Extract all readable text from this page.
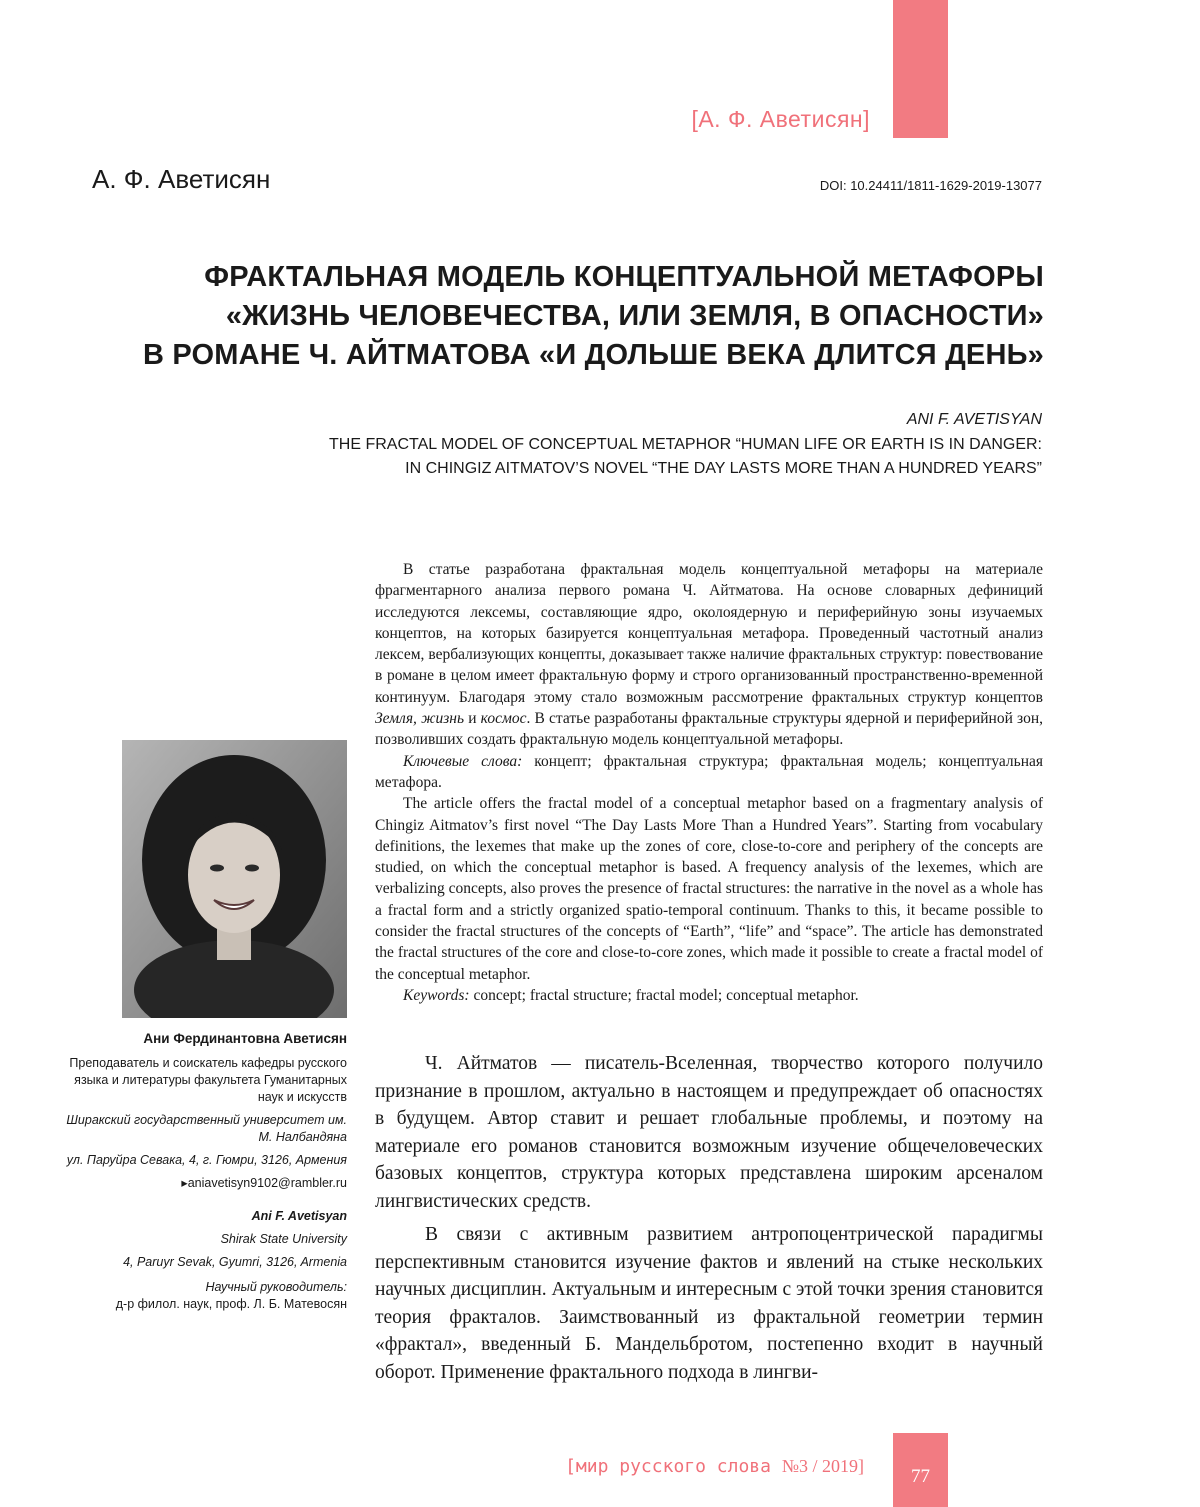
77
[А. Ф. Аветисян]
А. Ф. Аветисян	DOI: 10.24411/1811-1629-2019-13077
ФРАКТАЛЬНАЯ МОДЕЛЬ КОНЦЕПТУАЛЬНОЙ МЕТАФОРЫ
«ЖИЗНЬ ЧЕЛОВЕЧЕСТВА, ИЛИ ЗЕМЛЯ, В ОПАСНОСТИ»
В РОМАНЕ Ч. АЙТМАТОВА «И ДОЛЬШЕ ВЕКА ДЛИТСЯ ДЕНЬ»
ANI F. AVETISYAN
THE FRACTAL MODEL OF CONCEPTUAL METAPHOR “HUMAN LIFE OR EARTH IS IN DANGER:
IN CHINGIZ AITMATOV’S NOVEL “THE DAY LASTS MORE THAN A HUNDRED YEARS”

В статье разработана фрактальная модель концептуальной метафоры на материале фрагментарного анализа первого романа Ч. Айтматова. На основе словарных дефиниций исследуются лексемы, составляющие ядро, околоядерную и периферийную зоны изучаемых концептов, на которых базируется концептуальная метафора. Проведенный частотный анализ лексем, вербализующих концепты, доказывает также наличие фрактальных структур: повествование в романе в целом имеет фрактальную форму и строго организованный пространственно-временной континуум. Благодаря этому стало возможным рассмотрение фрактальных структур концептов Земля, жизнь и космос. В статье разработаны фрактальные структуры ядерной и периферийной зон, позволивших создать фрактальную модель концептуальной метафоры.

Ключевые слова: концепт; фрактальная структура; фрактальная модель; концептуальная метафора.

The article offers the fractal model of a conceptual metaphor based on a fragmentary analysis of Chingiz Aitmatov’s first novel “The Day Lasts More Than a Hundred Years”. Starting from vocabulary definitions, the lexemes that make up the zones of core, close-to-core and periphery of the concepts are studied, on which the conceptual metaphor is based. A frequency analysis of the lexemes, which are verbalizing concepts, also proves the presence of fractal structures: the narrative in the novel as a whole has a fractal form and a strictly organized spatio-temporal continuum. Thanks to this, it became possible to consider the fractal structures of the concepts of “Earth”, “life” and “space”. The article has demonstrated the fractal structures of the core and close-to-core zones, which made it possible to create a fractal model of the conceptual metaphor.

Keywords: concept; fractal structure; fractal model; conceptual metaphor.

Ани Фердинантовна Аветисян
Преподаватель и соискатель кафедры русского языка и литературы факультета Гуманитарных наук и искусств
Ширакский государственный университет им. М. Налбандяна
ул. Паруйра Севака, 4, г. Гюмри, 3126, Армения
▸ aniavetisyn9102@rambler.ru
Ani F. Avetisyan
Shirak State University
4, Paruyr Sevak, Gyumri, 3126, Armenia
Научный руководитель:
д-р филол. наук, проф. Л. Б. Матевосян

Ч. Айтматов — писатель-Вселенная, творчество которого получило признание в прошлом, актуально в настоящем и предупреждает об опасностях в будущем. Автор ставит и решает глобальные проблемы, и поэтому на материале его романов становится возможным изучение общечеловеческих базовых концептов, структура которых представлена широким арсеналом лингвистических средств.

В связи с активным развитием антропоцентрической парадигмы перспективным становится изучение фактов и явлений на стыке нескольких научных дисциплин. Актуальным и интересным с этой точки зрения становится теория фракталов. Заимствованный из фрактальной геометрии термин «фрактал», введенный Б. Мандельбротом, постепенно входит в научный оборот. Применение фрактального подхода в лингви-

[мир русского слова №3 / 2019]
